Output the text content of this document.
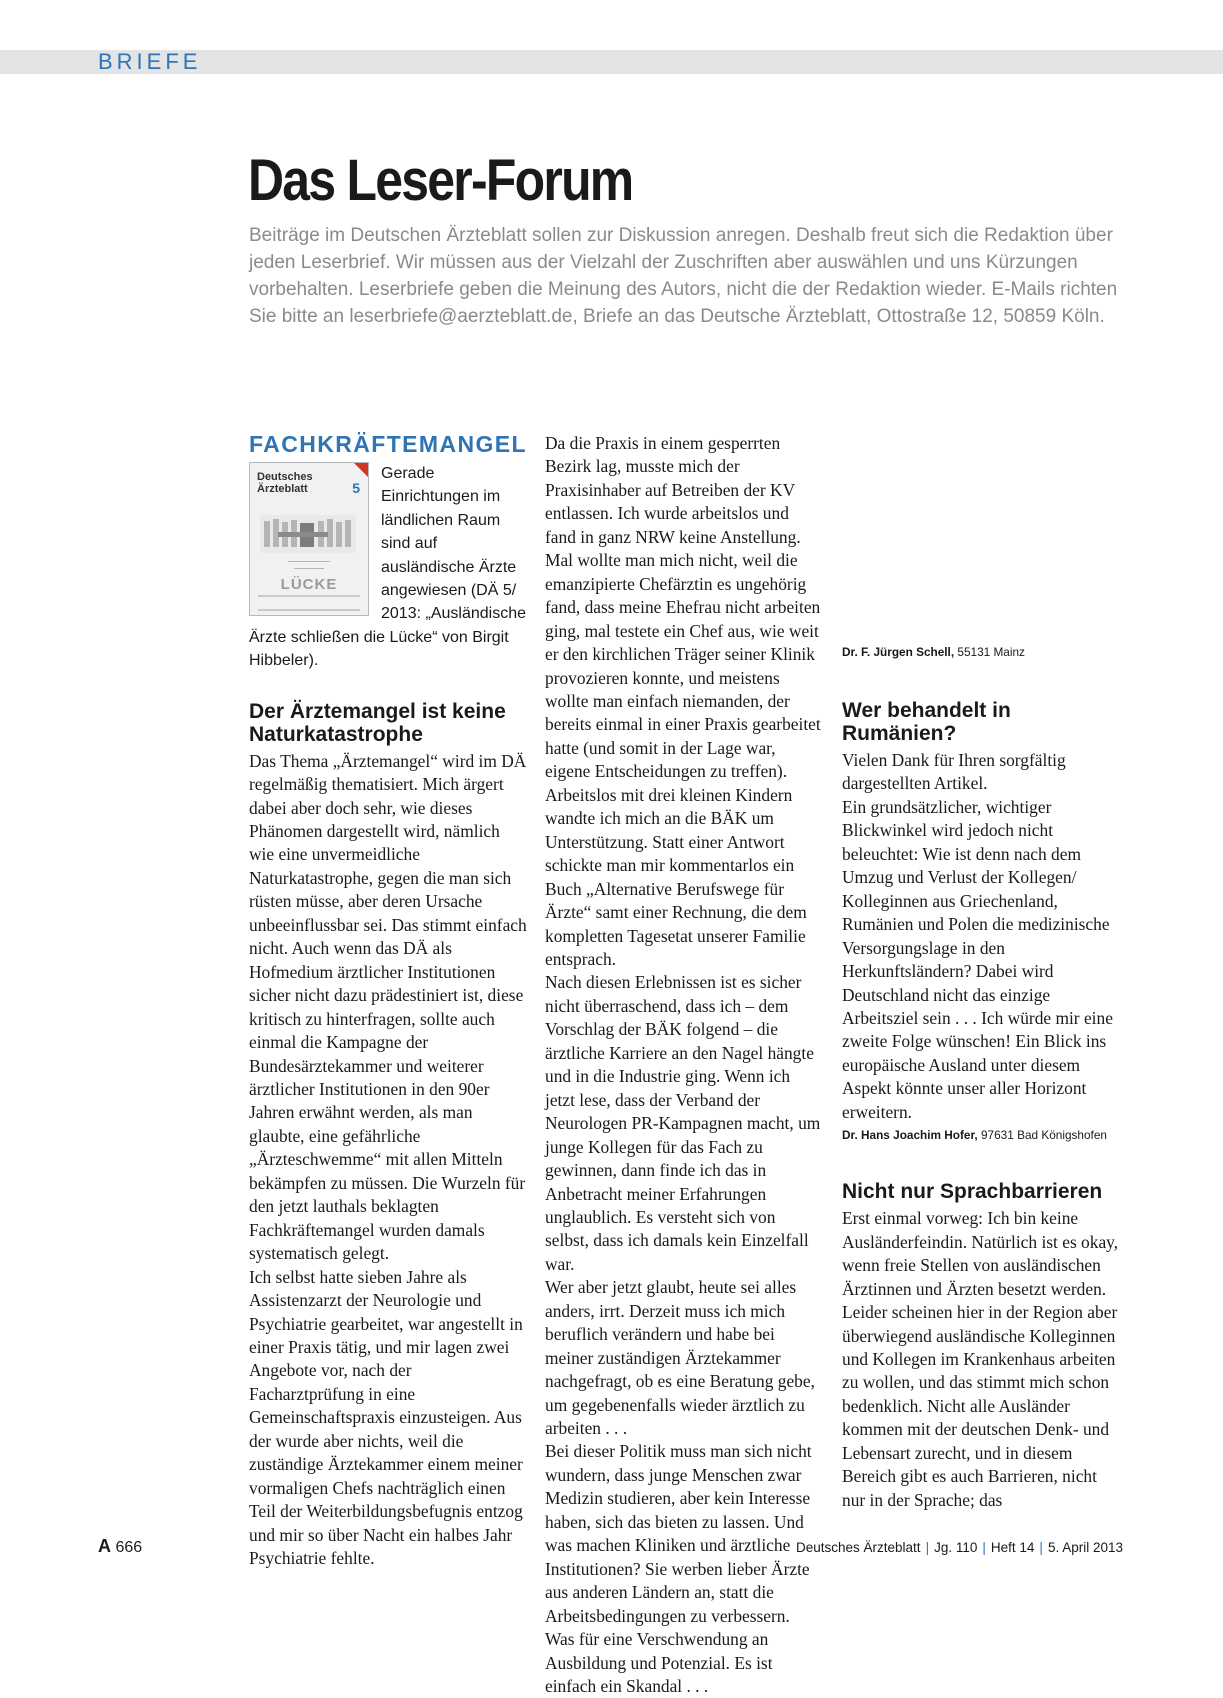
BRIEFE
Das Leser-Forum

Beiträge im Deutschen Ärzteblatt sollen zur Diskussion anregen. Deshalb freut sich die Redaktion über jeden Leserbrief. Wir müssen aus der Vielzahl der Zuschriften aber auswählen und uns Kürzungen vorbehalten. Leserbriefe geben die Meinung des Autors, nicht die der Redaktion wieder. E-Mails richten Sie bitte an leserbriefe@aerzteblatt.de, Briefe an das Deutsche Ärzteblatt, Ottostraße 12, 50859 Köln.

FACHKRÄFTEMANGEL
Deutsches
Ärzteblatt	5
———————
—————
LÜCKE

Gerade Einrichtungen im ländlichen Raum sind auf ausländische Ärzte angewiesen (DÄ 5/ 2013: „Ausländische Ärzte schließen die Lücke“ von Birgit Hibbeler).

Der Ärztemangel ist keine Naturkatastrophe

Das Thema „Ärztemangel“ wird im DÄ regelmäßig thematisiert. Mich ärgert dabei aber doch sehr, wie dieses Phänomen dargestellt wird, nämlich wie eine unvermeidliche Naturkatastrophe, gegen die man sich rüsten müsse, aber deren Ursache unbeeinflussbar sei. Das stimmt einfach nicht. Auch wenn das DÄ als Hofmedium ärztlicher Institutionen sicher nicht dazu prädestiniert ist, diese kritisch zu hinterfragen, sollte auch einmal die Kampagne der Bundesärztekammer und weiterer ärztlicher Institutionen in den 90er Jahren erwähnt werden, als man glaubte, eine gefährliche „Ärzteschwemme“ mit allen Mitteln bekämpfen zu müssen. Die Wurzeln für den jetzt lauthals beklagten Fachkräftemangel wurden damals systematisch gelegt.

Ich selbst hatte sieben Jahre als Assistenzarzt der Neurologie und Psychiatrie gearbeitet, war angestellt in einer Praxis tätig, und mir lagen zwei Angebote vor, nach der Facharztprüfung in eine Gemeinschaftspraxis einzusteigen. Aus der wurde aber nichts, weil die zuständige Ärztekammer einem meiner vormaligen Chefs nachträglich einen Teil der Weiterbildungsbefugnis entzog und mir so über Nacht ein halbes Jahr Psychiatrie fehlte.

Da die Praxis in einem gesperrten Bezirk lag, musste mich der Praxisinhaber auf Betreiben der KV entlassen. Ich wurde arbeitslos und fand in ganz NRW keine Anstellung. Mal wollte man mich nicht, weil die emanzipierte Chefärztin es ungehörig fand, dass meine Ehefrau nicht arbeiten ging, mal testete ein Chef aus, wie weit er den kirchlichen Träger seiner Klinik provozieren konnte, und meistens wollte man einfach niemanden, der bereits einmal in einer Praxis gearbeitet hatte (und somit in der Lage war, eigene Entscheidungen zu treffen).

Arbeitslos mit drei kleinen Kindern wandte ich mich an die BÄK um Unterstützung. Statt einer Antwort schickte man mir kommentarlos ein Buch „Alternative Berufswege für Ärzte“ samt einer Rechnung, die dem kompletten Tagesetat unserer Familie entsprach.

Nach diesen Erlebnissen ist es sicher nicht überraschend, dass ich – dem Vorschlag der BÄK folgend – die ärztliche Karriere an den Nagel hängte und in die Industrie ging. Wenn ich jetzt lese, dass der Verband der Neurologen PR-Kampagnen macht, um junge Kollegen für das Fach zu gewinnen, dann finde ich das in Anbetracht meiner Erfahrungen unglaublich. Es versteht sich von selbst, dass ich damals kein Einzelfall war.

Wer aber jetzt glaubt, heute sei alles anders, irrt. Derzeit muss ich mich beruflich verändern und habe bei meiner zuständigen Ärztekammer nachgefragt, ob es eine Beratung gebe, um gegebenenfalls wieder ärztlich zu arbeiten . . .

Bei dieser Politik muss man sich nicht wundern, dass junge Menschen zwar Medizin studieren, aber kein Interesse haben, sich das bieten zu lassen. Und was machen Kliniken und ärztliche Institutionen? Sie werben lieber Ärzte aus anderen Ländern an, statt die Arbeitsbedingungen zu verbessern. Was für eine Verschwendung an Ausbildung und Potenzial. Es ist einfach ein Skandal . . .

Dr. F. Jürgen Schell, 55131 Mainz

Wer behandelt in Rumänien?

Vielen Dank für Ihren sorgfältig dargestellten Artikel.

Ein grundsätzlicher, wichtiger Blickwinkel wird jedoch nicht beleuchtet: Wie ist denn nach dem Umzug und Verlust der Kollegen/ Kolleginnen aus Griechenland, Rumänien und Polen die medizinische Versorgungslage in den Herkunftsländern? Dabei wird Deutschland nicht das einzige Arbeitsziel sein . . . Ich würde mir eine zweite Folge wünschen! Ein Blick ins europäische Ausland unter diesem Aspekt könnte unser aller Horizont erweitern.

Dr. Hans Joachim Hofer, 97631 Bad Königshofen

Nicht nur Sprachbarrieren

Erst einmal vorweg: Ich bin keine Ausländerfeindin. Natürlich ist es okay, wenn freie Stellen von ausländischen Ärztinnen und Ärzten besetzt werden. Leider scheinen hier in der Region aber überwiegend ausländische Kolleginnen und Kollegen im Krankenhaus arbeiten zu wollen, und das stimmt mich schon bedenklich. Nicht alle Ausländer kommen mit der deutschen Denk- und Lebensart zurecht, und in diesem Bereich gibt es auch Barrieren, nicht nur in der Sprache; das

A 666	Deutsches Ärzteblatt | Jg. 110 | Heft 14 | 5. April 2013
